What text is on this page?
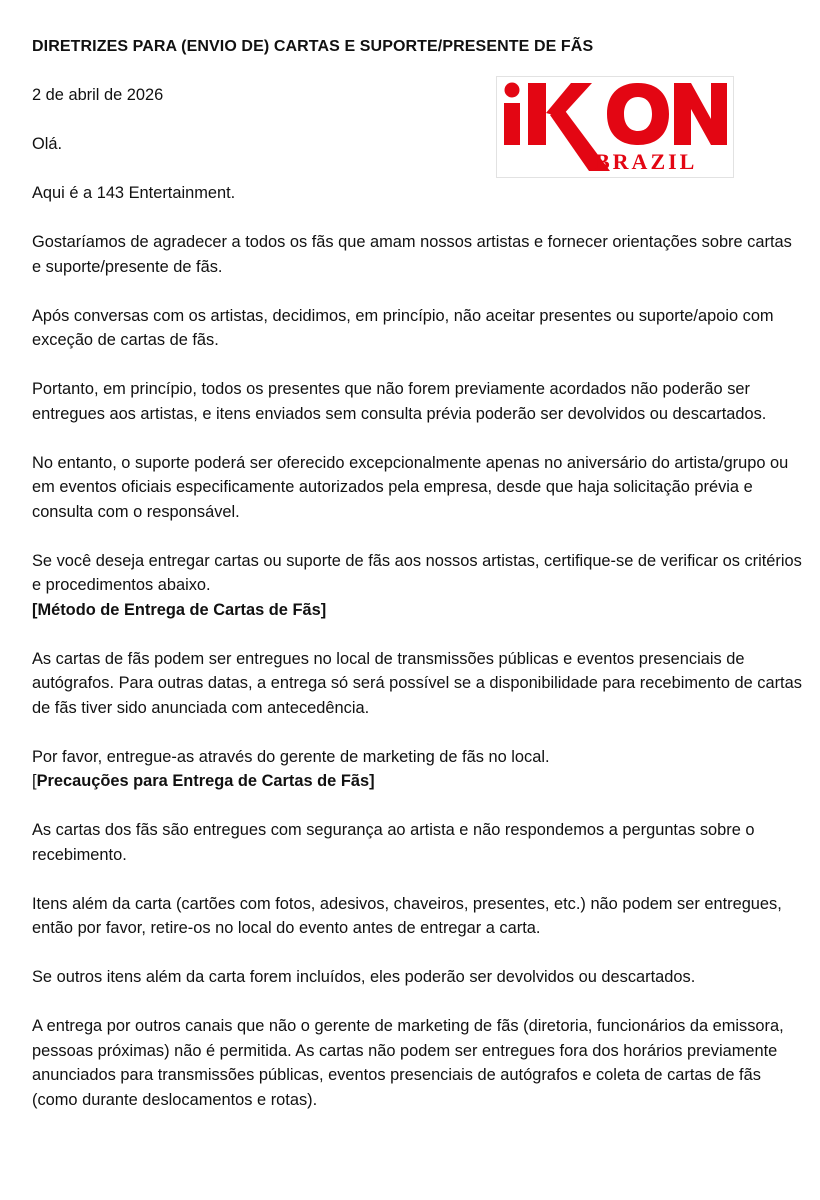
DIRETRIZES PARA (ENVIO DE) CARTAS E SUPORTE/PRESENTE DE FÃS

2 de abril de 2026

Olá.

Aqui é a 143 Entertainment.

Gostaríamos de agradecer a todos os fãs que amam nossos artistas e fornecer orientações sobre cartas e suporte/presente de fãs.

Após conversas com os artistas, decidimos, em princípio, não aceitar presentes ou suporte/apoio com exceção de cartas de fãs.

Portanto, em princípio, todos os presentes que não forem previamente acordados não poderão ser entregues aos artistas, e itens enviados sem consulta prévia poderão ser devolvidos ou descartados.

No entanto, o suporte poderá ser oferecido excepcionalmente apenas no aniversário do artista/grupo ou em eventos oficiais especificamente autorizados pela empresa, desde que haja solicitação prévia e consulta com o responsável.

Se você deseja entregar cartas ou suporte de fãs aos nossos artistas, certifique-se de verificar os critérios e procedimentos abaixo.

[Método de Entrega de Cartas de Fãs]

As cartas de fãs podem ser entregues no local de transmissões públicas e eventos presenciais de autógrafos. Para outras datas, a entrega só será possível se a disponibilidade para recebimento de cartas de fãs tiver sido anunciada com antecedência.

Por favor, entregue-as através do gerente de marketing de fãs no local.

[Precauções para Entrega de Cartas de Fãs]

As cartas dos fãs são entregues com segurança ao artista e não respondemos a perguntas sobre o recebimento.

Itens além da carta (cartões com fotos, adesivos, chaveiros, presentes, etc.) não podem ser entregues, então por favor, retire-os no local do evento antes de entregar a carta.

Se outros itens além da carta forem incluídos, eles poderão ser devolvidos ou descartados.

A entrega por outros canais que não o gerente de marketing de fãs (diretoria, funcionários da emissora, pessoas próximas) não é permitida. As cartas não podem ser entregues fora dos horários previamente anunciados para transmissões públicas, eventos presenciais de autógrafos e coleta de cartas de fãs (como durante deslocamentos e rotas).

BRAZIL
